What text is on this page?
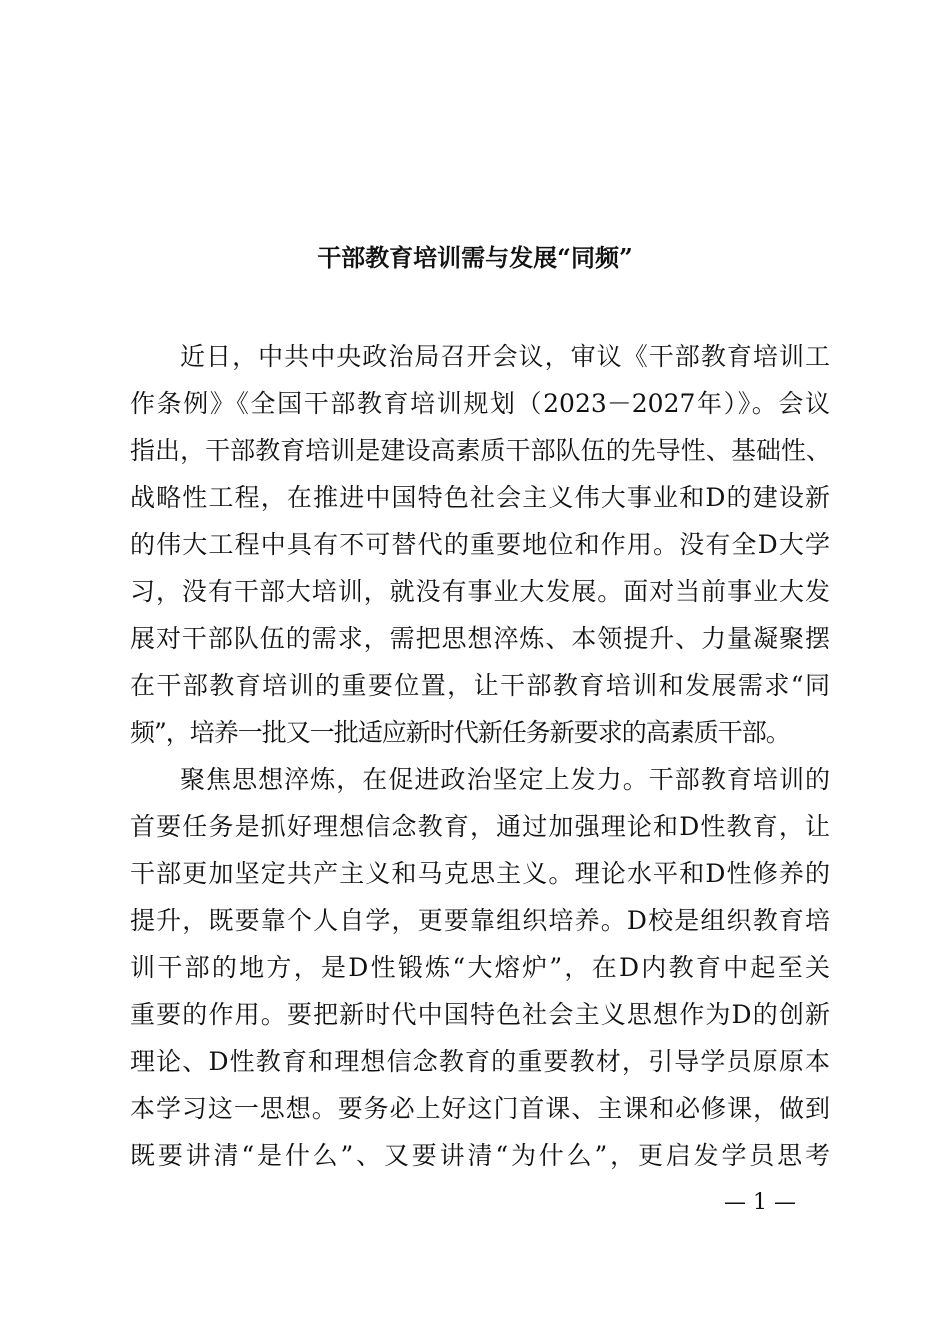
干部教育培训需与发展“同频”
近日，中共中央政治局召开会议，审议《干部教育培训工
作条例》《全国干部教育培训规划（2023－2027年）》。会议
指出，干部教育培训是建设高素质干部队伍的先导性、基础性、
战略性工程，在推进中国特色社会主义伟大事业和D的建设新
的伟大工程中具有不可替代的重要地位和作用。没有全D大学
习，没有干部大培训，就没有事业大发展。面对当前事业大发
展对干部队伍的需求，需把思想淬炼、本领提升、力量凝聚摆
在干部教育培训的重要位置，让干部教育培训和发展需求“同
频”，培养一批又一批适应新时代新任务新要求的高素质干部。
聚焦思想淬炼，在促进政治坚定上发力。干部教育培训的
首要任务是抓好理想信念教育，通过加强理论和D性教育，让
干部更加坚定共产主义和马克思主义。理论水平和D性修养的
提升，既要靠个人自学，更要靠组织培养。D校是组织教育培
训干部的地方，是D性锻炼“大熔炉”，在D内教育中起至关
重要的作用。要把新时代中国特色社会主义思想作为D的创新
理论、D性教育和理想信念教育的重要教材，引导学员原原本
本学习这一思想。要务必上好这门首课、主课和必修课，做到
既要讲清“是什么”、又要讲清“为什么”，更启发学员思考
— 1 —
